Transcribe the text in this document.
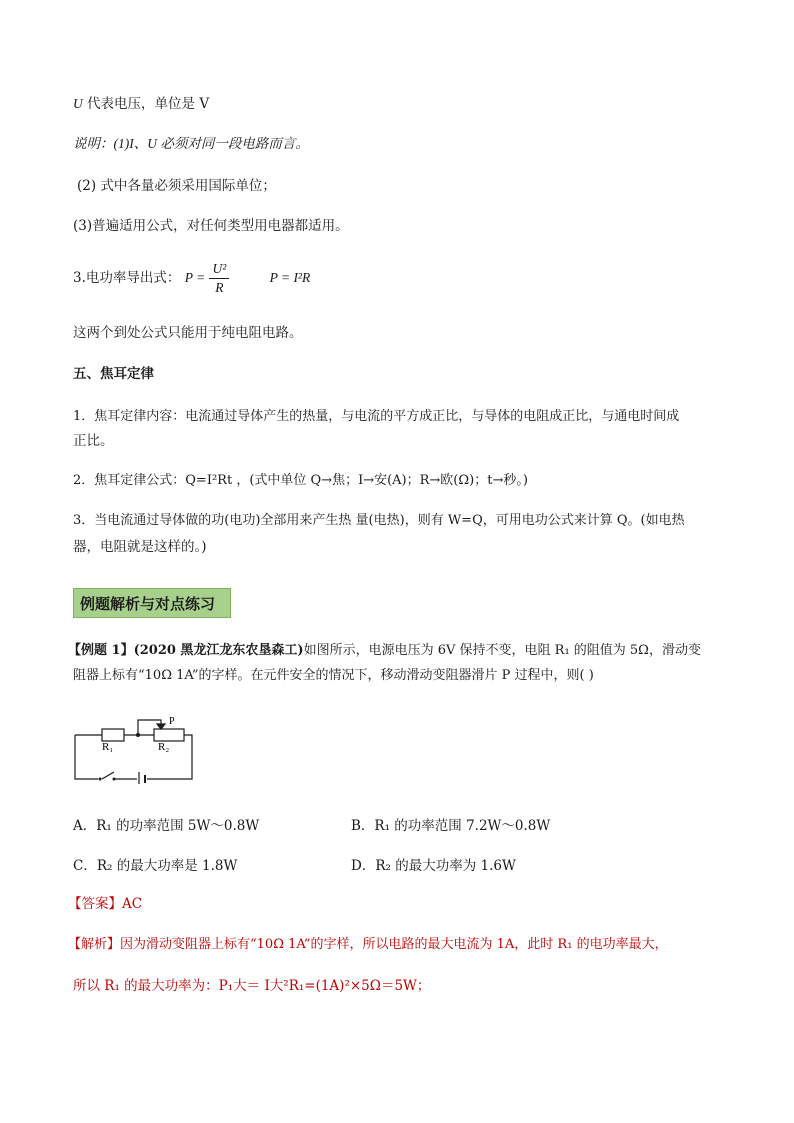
U 代表电压，单位是 V
说明：(1)I、U 必须对同一段电路而言。
(2) 式中各量必须采用国际单位；
(3)普遍适用公式，对任何类型用电器都适用。
3.电功率导出式： $P = \frac{\text{U²}}{R}$	P = I²R
这两个到处公式只能用于纯电阻电路。
五、焦耳定律
1．焦耳定律内容：电流通过导体产生的热量，与电流的平方成正比，与导体的电阻成正比，与通电时间成
正比。
2．焦耳定律公式：Q=I²Rt ，(式中单位 Q→焦；I→安(A)；R→欧(Ω)；t→秒。)
3．当电流通过导体做的功(电功)全部用来产生热 量(电热)，则有 W=Q，可用电功公式来计算 Q。(如电热
器，电阻就是这样的。)
例题解析与对点练习
【例题 1】(2020 黑龙江龙东农垦森工)如图所示，电源电压为 6V 保持不变，电阻 R₁ 的阻值为 5Ω，滑动变
阻器上标有“10Ω 1A”的字样。在元件安全的情况下，移动滑动变阻器滑片 P 过程中，则( )
R₁	R₂
P
A．R₁ 的功率范围 5W～0.8W	B．R₁ 的功率范围 7.2W～0.8W
C．R₂ 的最大功率是 1.8W	D．R₂ 的最大功率为 1.6W
【答案】AC
【解析】因为滑动变阻器上标有“10Ω 1A”的字样，所以电路的最大电流为 1A，此时 R₁ 的电功率最大，
所以 R₁ 的最大功率为：P₁大＝ I大²R₁=(1A)²×5Ω＝5W；
